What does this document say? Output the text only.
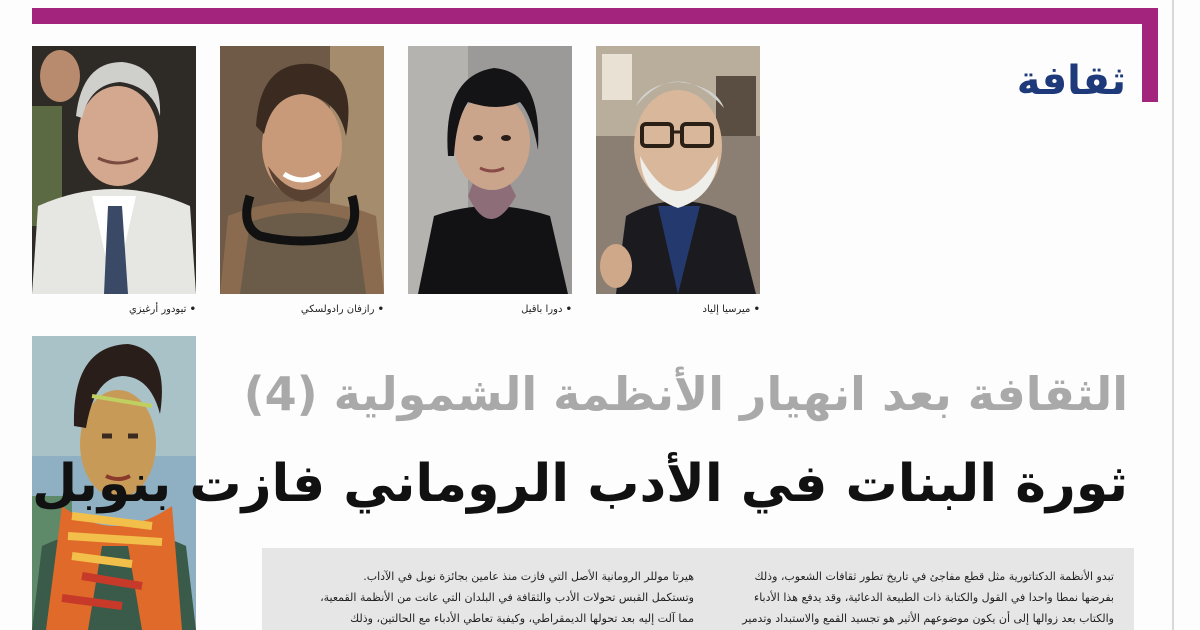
ثقافة
• ميرسيا إلياد
• دورا باقيل
• رازفان رادولسكي
• تيودور أرغيزي
الثقافة بعد انهيار الأنظمة الشمولية (4)
ثورة البنات في الأدب الروماني فازت بنوبل

تبدو الأنظمة الدكتاتورية مثل قطع مفاجئ في تاريخ تطور ثقافات الشعوب، وذلك

بفرضها نمطا واحدا في القول والكتابة ذات الطبيعة الدعائية، وقد يدفع هذا الأدباء

والكتاب بعد زوالها إلى أن يكون موضوعهم الأثير هو تجسيد القمع والاستبداد وتدمير

هيرتا موللر الرومانية الأصل التي فازت منذ عامين بجائزة نوبل في الآداب.

وتستكمل القبس تحولات الأدب والثقافة في البلدان التي عانت من الأنظمة القمعية،

مما آلت إليه بعد تحولها الديمقراطي، وكيفية تعاطي الأدباء مع الحالتين، وذلك
